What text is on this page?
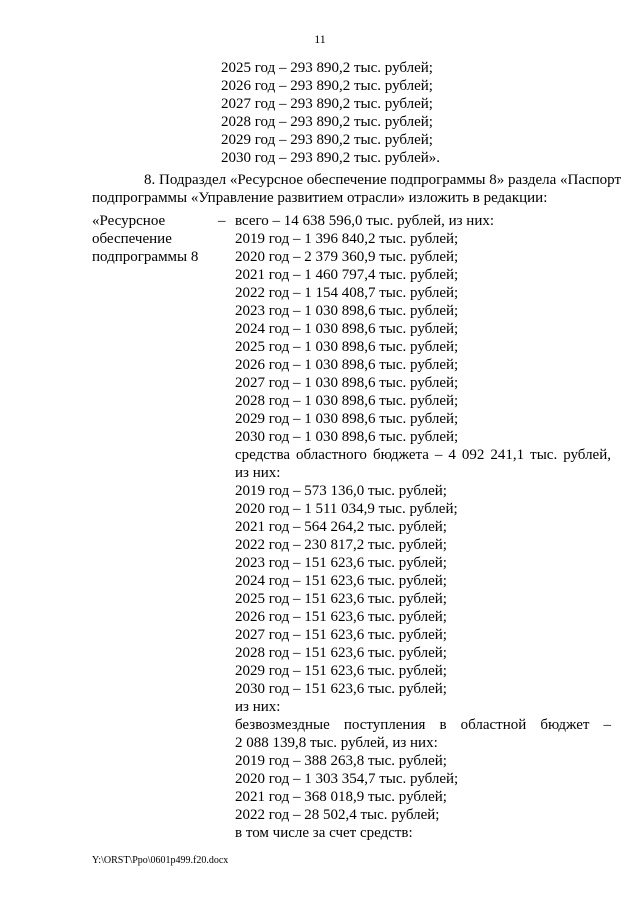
11
2025 год – 293 890,2 тыс. рублей;
2026 год – 293 890,2 тыс. рублей;
2027 год – 293 890,2 тыс. рублей;
2028 год – 293 890,2 тыс. рублей;
2029 год – 293 890,2 тыс. рублей;
2030 год – 293 890,2 тыс. рублей».
8. Подраздел «Ресурсное обеспечение подпрограммы 8» раздела «Паспорт
подпрограммы «Управление развитием отрасли» изложить в редакции:
«Ресурсное
обеспечение
подпрограммы 8
– всего – 14 638 596,0 тыс. рублей, из них:
2019 год – 1 396 840,2 тыс. рублей;
2020 год – 2 379 360,9 тыс. рублей;
2021 год – 1 460 797,4 тыс. рублей;
2022 год – 1 154 408,7 тыс. рублей;
2023 год – 1 030 898,6 тыс. рублей;
2024 год – 1 030 898,6 тыс. рублей;
2025 год – 1 030 898,6 тыс. рублей;
2026 год – 1 030 898,6 тыс. рублей;
2027 год – 1 030 898,6 тыс. рублей;
2028 год – 1 030 898,6 тыс. рублей;
2029 год – 1 030 898,6 тыс. рублей;
2030 год – 1 030 898,6 тыс. рублей;
средства областного бюджета – 4 092 241,1 тыс. рублей,
из них:
2019 год – 573 136,0 тыс. рублей;
2020 год – 1 511 034,9 тыс. рублей;
2021 год – 564 264,2 тыс. рублей;
2022 год – 230 817,2 тыс. рублей;
2023 год – 151 623,6 тыс. рублей;
2024 год – 151 623,6 тыс. рублей;
2025 год – 151 623,6 тыс. рублей;
2026 год – 151 623,6 тыс. рублей;
2027 год – 151 623,6 тыс. рублей;
2028 год – 151 623,6 тыс. рублей;
2029 год – 151 623,6 тыс. рублей;
2030 год – 151 623,6 тыс. рублей;
из них:
безвозмездные поступления в областной бюджет –
2 088 139,8 тыс. рублей, из них:
2019 год – 388 263,8 тыс. рублей;
2020 год – 1 303 354,7 тыс. рублей;
2021 год – 368 018,9 тыс. рублей;
2022 год – 28 502,4 тыс. рублей;
в том числе за счет средств:
Y:\ORST\Ppo\0601p499.f20.docx
